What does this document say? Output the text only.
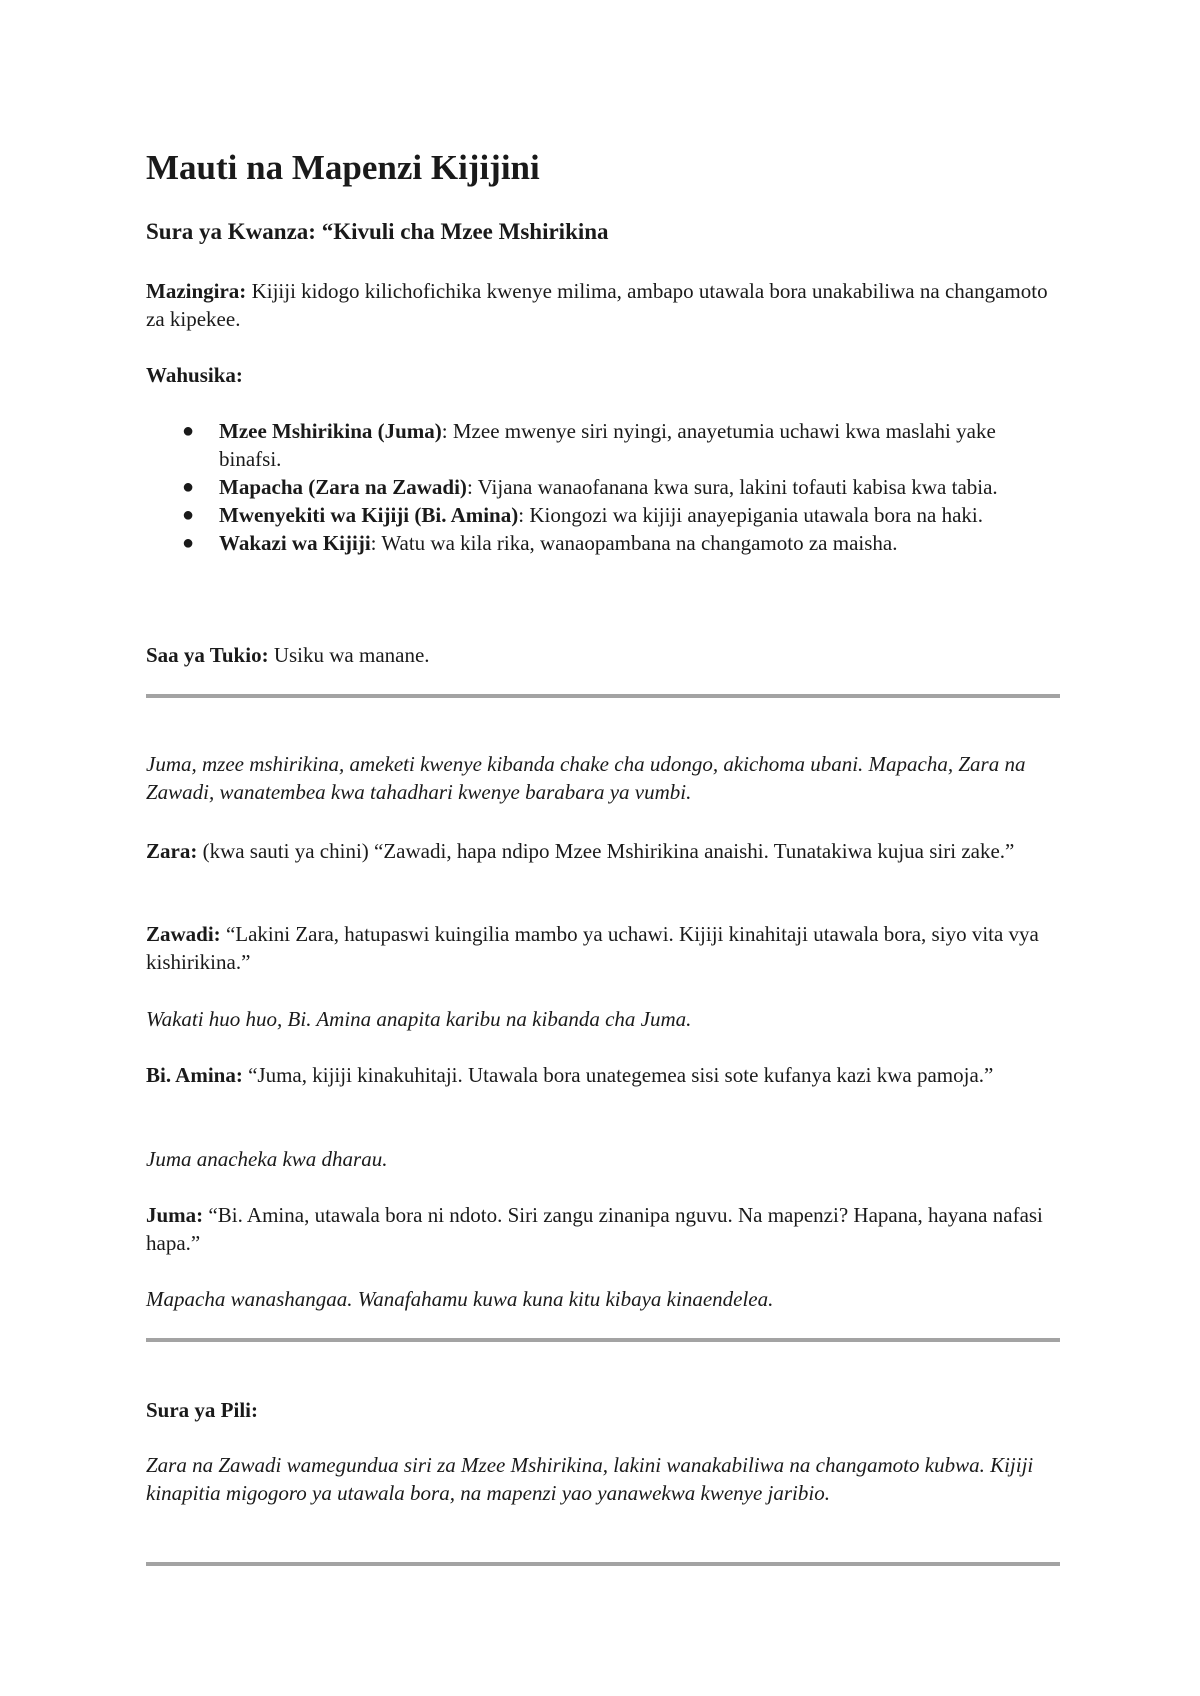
Mauti na Mapenzi Kijijini
Sura ya Kwanza: “Kivuli cha Mzee Mshirikina

Mazingira: Kijiji kidogo kilichofichika kwenye milima, ambapo utawala bora unakabiliwa na changamoto za kipekee.

Wahusika:

● Mzee Mshirikina (Juma): Mzee mwenye siri nyingi, anayetumia uchawi kwa maslahi yake binafsi.
● Mapacha (Zara na Zawadi): Vijana wanaofanana kwa sura, lakini tofauti kabisa kwa tabia.
● Mwenyekiti wa Kijiji (Bi. Amina): Kiongozi wa kijiji anayepigania utawala bora na haki.
● Wakazi wa Kijiji: Watu wa kila rika, wanaopambana na changamoto za maisha.

Saa ya Tukio: Usiku wa manane.

Juma, mzee mshirikina, ameketi kwenye kibanda chake cha udongo, akichoma ubani. Mapacha, Zara na Zawadi, wanatembea kwa tahadhari kwenye barabara ya vumbi.

Zara: (kwa sauti ya chini) “Zawadi, hapa ndipo Mzee Mshirikina anaishi. Tunatakiwa kujua siri zake.”

Zawadi: “Lakini Zara, hatupaswi kuingilia mambo ya uchawi. Kijiji kinahitaji utawala bora, siyo vita vya kishirikina.”

Wakati huo huo, Bi. Amina anapita karibu na kibanda cha Juma.

Bi. Amina: “Juma, kijiji kinakuhitaji. Utawala bora unategemea sisi sote kufanya kazi kwa pamoja.”

Juma anacheka kwa dharau.

Juma: “Bi. Amina, utawala bora ni ndoto. Siri zangu zinanipa nguvu. Na mapenzi? Hapana, hayana nafasi hapa.”

Mapacha wanashangaa. Wanafahamu kuwa kuna kitu kibaya kinaendelea.

Sura ya Pili:

Zara na Zawadi wamegundua siri za Mzee Mshirikina, lakini wanakabiliwa na changamoto kubwa. Kijiji kinapitia migogoro ya utawala bora, na mapenzi yao yanawekwa kwenye jaribio.
